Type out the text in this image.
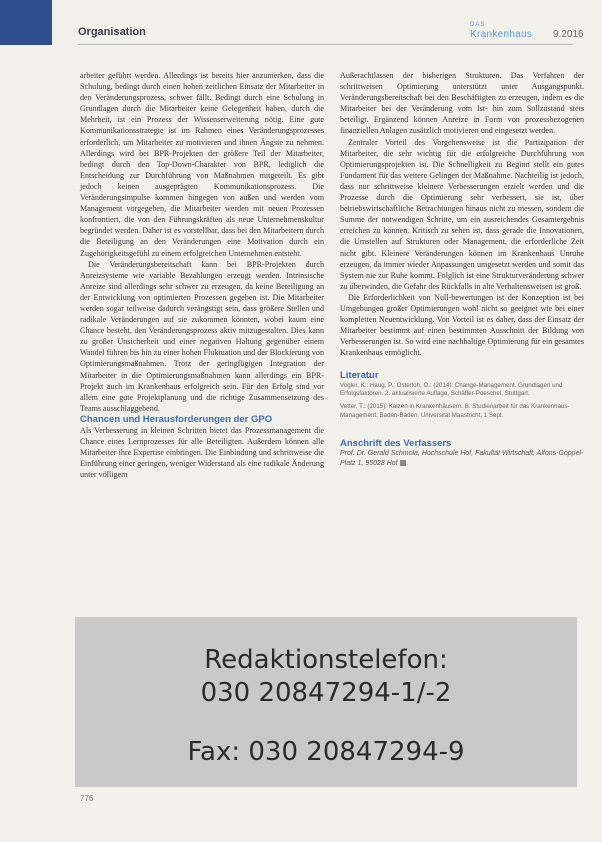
Organisation
DAS
Krankenhaus	9.2016

arbeiter geführt werden. Allerdings ist bereits hier anzumerken, dass die Schulung, bedingt durch einen hohen zeitlichen Einsatz der Mitarbeiter in den Veränderungsprozess, schwer fällt. Bedingt durch eine Schulung in Grundlagen durch die Mitarbeiter keine Gelegenheit haben, durch die Mehrheit, ist ein Prozess der Wissenserweiterung nötig. Eine gute Kommunikationsstrategie ist im Rahmen eines Veränderungsprozesses erforderlich, um Mitarbeiter zu motivieren und ihnen Ängste zu nehmen. Allerdings wird bei BPR-Projekten der größere Teil der Mitarbeiter, bedingt durch den Top-Down-Charakter von BPR, lediglich die Entscheidung zur Durchführung von Maßnahmen mitgeteilt. Es gibt jedoch keinen ausgeprägten Kommunikationsprozess. Die Veränderungsimpulse kommen hingegen von außen und werden vom Management vorgegeben, die Mitarbeiter werden mit neuen Prozessen konfrontiert, die von den Führungskräften als neue Unternehmenskultur begründet werden. Daher ist es vorstellbar, dass bei den Mitarbeitern durch die Beteiligung an den Veränderungen eine Motivation durch ein Zugehörigkeitsgefühl zu einem erfolgreichen Unternehmen entsteht.

Die Veränderungsbereitschaft kann bei BPR-Projekten durch Anreizsysteme wie variable Bezahlungen erzeugt werden. Intrinsische Anreize sind allerdings sehr schwer zu erzeugen, da keine Beteiligung an der Entwicklung von optimierten Prozessen gegeben ist. Die Mitarbeiter werden sogar teilweise dadurch verängstigt sein, dass größere Stellen und radikale Veränderungen auf sie zukommen könnten, wobei kaum eine Chance besteht, den Veränderungsprozess aktiv mitzugestalten. Dies kann zu großer Unsicherheit und einer negativen Haltung gegenüber einem Wandel führen bis hin zu einer hohen Fluktuation und der Blockierung von Optimierungsmaßnahmen. Trotz der geringfügigen Integration der Mitarbeiter in die Optimierungsmaßnahmen kann allerdings ein BPR-Projekt auch im Krankenhaus erfolgreich sein. Für den Erfolg sind vor allem eine gute Projektplanung und die richtige Zusammensetzung des Teams ausschlaggebend.

Chancen und Herausforderungen der GPO

Als Verbesserung in kleinen Schritten bietet das Prozessmanagement die Chance eines Lernprozesses für alle Beteiligten. Außerdem können alle Mitarbeiter ihre Expertise einbringen. Die Einbindung und schrittweise die Einführung einer geringen, weniger Widerstand als eine radikale Änderung unter völligem

Außerachtlassen der bisherigen Strukturen. Das Verfahren der schrittweisen Optimierung unterstützt unter Ausgangspunkt. Veränderungsbereitschaft bei den Beschäftigten zu erzeugen, indem es die Mitarbeiter bei der Veränderung vom Ist- hin zum Sollzustand stets beteiligt. Ergänzend können Anreize in Form von prozessbezogenen finanziellen Anlagen zusätzlich motivieren und eingesetzt werden.

Zentraler Vorteil des Vorgehensweise ist die Partizipation der Mitarbeiter, die sehr wichtig für die erfolgreiche Durchführung von Optimierungsprojekten ist. Die Schnelligkeit zu Beginn stellt ein gutes Fundament für das weitere Gelingen der Maßnahme. Nachteilig ist jedoch, dass nur schrittweise kleinere Verbesserungen erzielt werden und die Prozesse durch die Optimierung sehr verbessert, sie ist, über betriebswirtschaftliche Betrachtungen hinaus nicht zu messen, sondern die Summe der notwendigen Schritte, um ein ausreichendes Gesamtergebnis erreichen zu können. Kritisch zu sehen ist, dass gerade die Innovationen, die Umstellen auf Strukturen oder Management, die erforderliche Zeit nicht gibt. Kleinere Veränderungen können im Krankenhaus Unruhe erzeugen, da immer wieder Anpassungen umgesetzt werden und somit das System nie zur Ruhe kommt. Folglich ist eine Strukturveränderung schwer zu überwinden, die Gefahr des Rückfalls in alte Verhaltensweisen ist groß.

Die Erforderlichkeit von Null-bewertungen ist der Konzeption ist bei Umgebungen großer Optimierungen wohl nicht so geeignet wie bei einer kompletten Neuentwicklung. Von Vorteil ist es daher, dass der Einsatz der Mitarbeiter bestimmt auf einen bestimmten Ausschnitt der Bildung von Verbesserungen ist. So wird eine nachhaltige Optimierung für ein gesamtes Krankenhaus ermöglicht.

Literatur

Vogler, K.: Haug, P.: Osterloh, O.: (2014): Change-Management. Grundlagen und Erfolgsfaktoren. 2. aktualisierte Auflage, Schäffer-Poeschel, Stuttgart.
Vetter, T.: (2015): Kaizen in Krankenhäusern. B. Studienarbeit für das Krankenhaus-Management. Baden-Baden. Universität Maastricht, 1 Sept.

Anschrift des Verfassers

Prof. Dr. Gerald Schmola, Hochschule Hof, Fakultät Wirtschaft, Alfons-Goppel-Platz 1, 95028 Hof
Redaktionstelefon:
030 20847294-1/-2
Fax: 030 20847294-9
776
